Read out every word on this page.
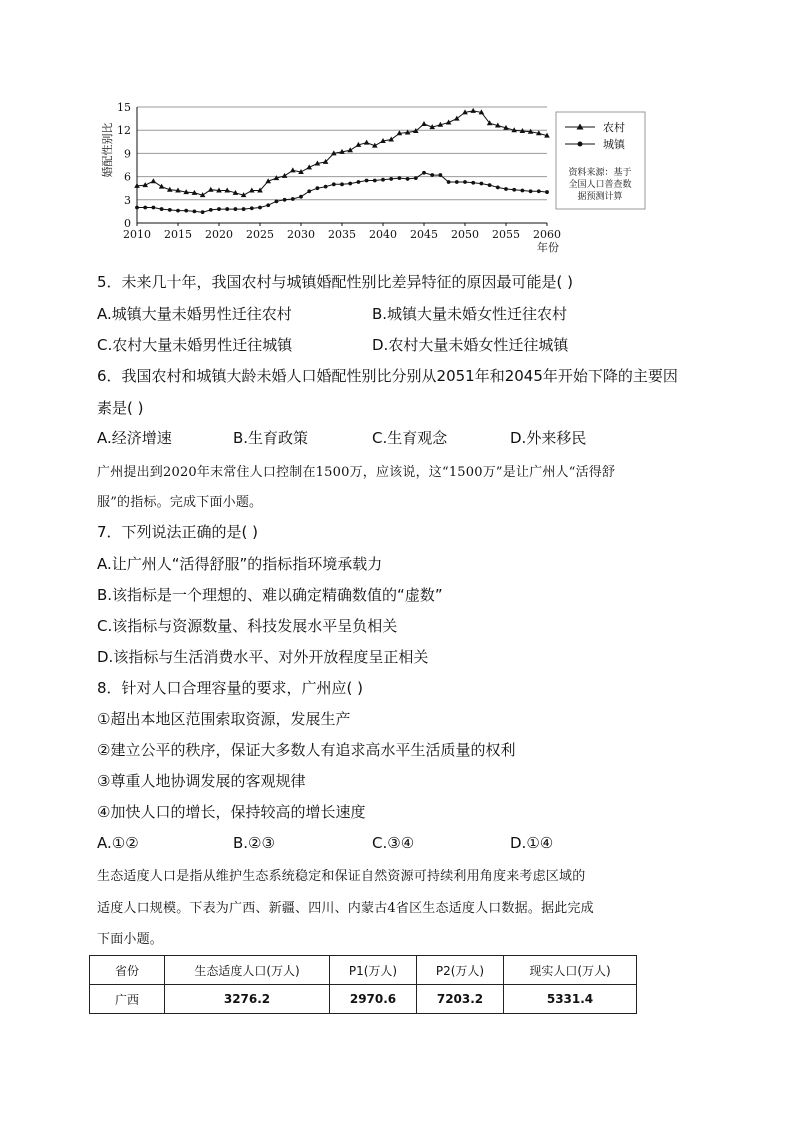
0
3
6
9
12
15
2010 2015 2020 2025 2030 2035 2040 2045 2050 2055 2060
婚配性别比
年份
农村
城镇
资料来源：基于
全国人口普查数
据预测计算
5．未来几十年，我国农村与城镇婚配性别比差异特征的原因最可能是( )
A.城镇大量未婚男性迁往农村	B.城镇大量未婚女性迁往农村
C.农村大量未婚男性迁往城镇	D.农村大量未婚女性迁往城镇
6．我国农村和城镇大龄未婚人口婚配性别比分别从2051年和2045年开始下降的主要因
素是( )
A.经济增速	B.生育政策	C.生育观念	D.外来移民
广州提出到2020年末常住人口控制在1500万，应该说，这“1500万”是让广州人“活得舒
服”的指标。完成下面小题。
7．下列说法正确的是( )
A.让广州人“活得舒服”的指标指环境承载力
B.该指标是一个理想的、难以确定精确数值的“虚数”
C.该指标与资源数量、科技发展水平呈负相关
D.该指标与生活消费水平、对外开放程度呈正相关
8．针对人口合理容量的要求，广州应( )
①超出本地区范围索取资源，发展生产
②建立公平的秩序，保证大多数人有追求高水平生活质量的权利
③尊重人地协调发展的客观规律
④加快人口的增长，保持较高的增长速度
A.①②	B.②③	C.③④	D.①④
生态适度人口是指从维护生态系统稳定和保证自然资源可持续利用角度来考虑区域的
适度人口规模。下表为广西、新疆、四川、内蒙古4省区生态适度人口数据。据此完成
下面小题。
省份	生态适度人口(万人)	P1(万人)	P2(万人)	现实人口(万人)
广西	3276.2	2970.6	7203.2	5331.4
